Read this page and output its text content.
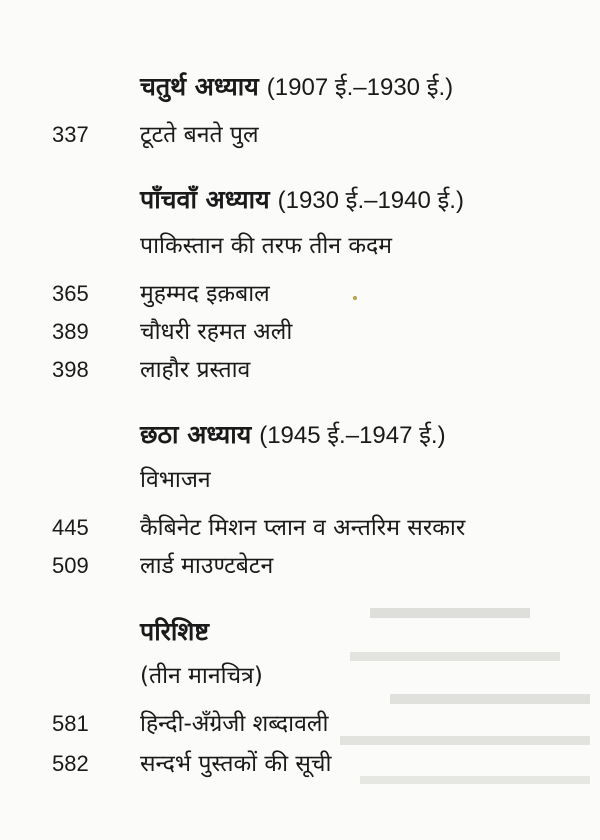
चतुर्थ अध्याय (1907 ई.–1930 ई.)
337 टूटते बनते पुल
पाँचवाँ अध्याय (1930 ई.–1940 ई.)
पाकिस्तान की तरफ तीन कदम
365 मुहम्मद इक़बाल
389 चौधरी रहमत अली
398 लाहौर प्रस्ताव
छठा अध्याय (1945 ई.–1947 ई.)
विभाजन
445 कैबिनेट मिशन प्लान व अन्तरिम सरकार
509 लार्ड माउण्टबेटन
परिशिष्ट
(तीन मानचित्र)
581 हिन्दी-अँग्रेजी शब्दावली
582 सन्दर्भ पुस्तकों की सूची
